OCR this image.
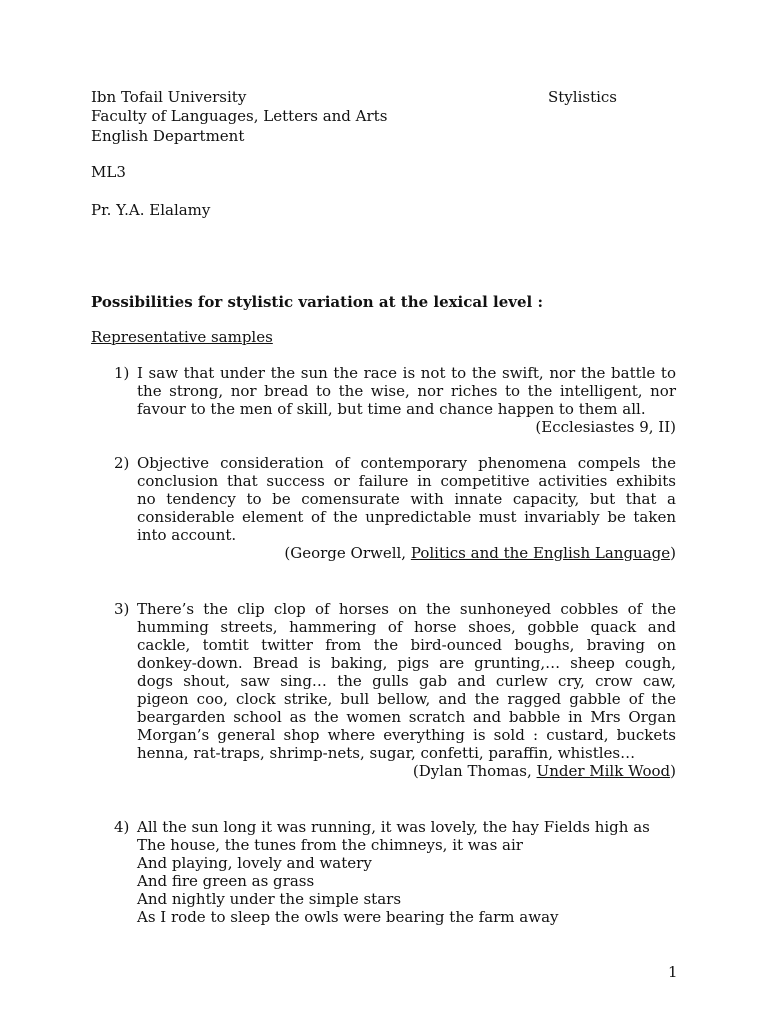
Ibn Tofail University	Stylistics
Faculty of Languages, Letters and Arts
English Department
ML3
Pr. Y.A. Elalamy
Possibilities for stylistic variation at the lexical level :
Representative samples
1) I saw that under the sun the race is not to the swift, nor the battle to
the strong, nor bread to the wise, nor riches to the intelligent, nor
favour to the men of skill, but time and chance happen to them all.
(Ecclesiastes 9, II)
2) Objective consideration of contemporary phenomena compels the
conclusion that success or failure in competitive activities exhibits
no tendency to be comensurate with innate capacity, but that a
considerable element of the unpredictable must invariably be taken
into account.
(George Orwell, Politics and the English Language)
3) There’s the clip clop of horses on the sunhoneyed cobbles of the
humming streets, hammering of horse shoes, gobble quack and
cackle, tomtit twitter from the bird-ounced boughs, braving on
donkey-down. Bread is baking, pigs are grunting,… sheep cough,
dogs shout, saw sing… the gulls gab and curlew cry, crow caw,
pigeon coo, clock strike, bull bellow, and the ragged gabble of the
beargarden school as the women scratch and babble in Mrs Organ
Morgan’s general shop where everything is sold : custard, buckets
henna, rat-traps, shrimp-nets, sugar, confetti, paraffin, whistles…
(Dylan Thomas, Under Milk Wood)
4) All the sun long it was running, it was lovely, the hay Fields high as
The house, the tunes from the chimneys, it was air
And playing, lovely and watery
And fire green as grass
And nightly under the simple stars
As I rode to sleep the owls were bearing the farm away
1
